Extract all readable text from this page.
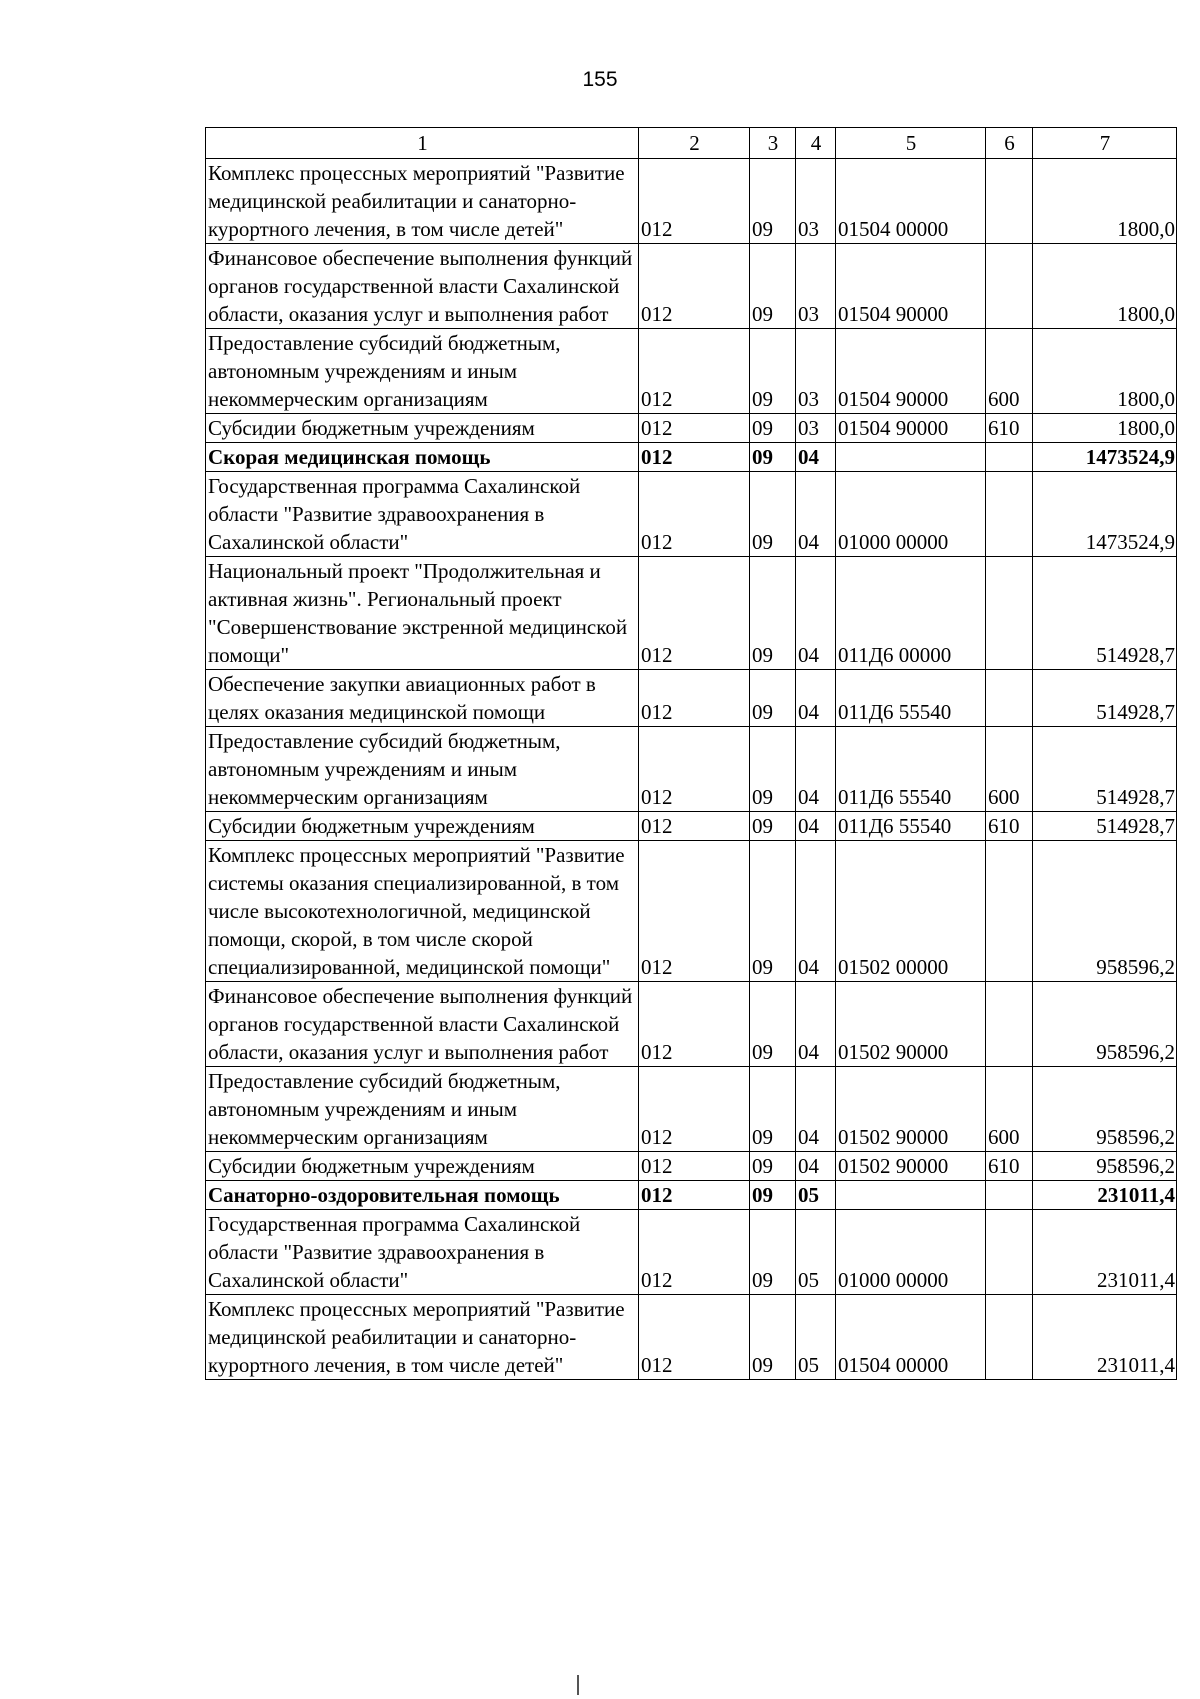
155
1	2	3	4	5	6	7
Комплекс процессных мероприятий "Развитие медицинской реабилитации и санаторно-курортного лечения, в том числе детей"	012	09	03	01504 00000		1800,0
Финансовое обеспечение выполнения функций органов государственной власти Сахалинской области, оказания услуг и выполнения работ	012	09	03	01504 90000		1800,0
Предоставление субсидий бюджетным, автономным учреждениям и иным некоммерческим организациям	012	09	03	01504 90000	600	1800,0
Субсидии бюджетным учреждениям	012	09	03	01504 90000	610	1800,0
Скорая медицинская помощь	012	09	04			1473524,9
Государственная программа Сахалинской области "Развитие здравоохранения в Сахалинской области"	012	09	04	01000 00000		1473524,9
Национальный проект "Продолжительная и активная жизнь". Региональный проект "Совершенствование экстренной медицинской помощи"	012	09	04	011Д6 00000		514928,7
Обеспечение закупки авиационных работ в целях оказания медицинской помощи	012	09	04	011Д6 55540		514928,7
Предоставление субсидий бюджетным, автономным учреждениям и иным некоммерческим организациям	012	09	04	011Д6 55540	600	514928,7
Субсидии бюджетным учреждениям	012	09	04	011Д6 55540	610	514928,7
Комплекс процессных мероприятий "Развитие системы оказания специализированной, в том числе высокотехнологичной, медицинской помощи, скорой, в том числе скорой специализированной, медицинской помощи"	012	09	04	01502 00000		958596,2
Финансовое обеспечение выполнения функций органов государственной власти Сахалинской области, оказания услуг и выполнения работ	012	09	04	01502 90000		958596,2
Предоставление субсидий бюджетным, автономным учреждениям и иным некоммерческим организациям	012	09	04	01502 90000	600	958596,2
Субсидии бюджетным учреждениям	012	09	04	01502 90000	610	958596,2
Санаторно-оздоровительная помощь	012	09	05			231011,4
Государственная программа Сахалинской области "Развитие здравоохранения в Сахалинской области"	012	09	05	01000 00000		231011,4
Комплекс процессных мероприятий "Развитие медицинской реабилитации и санаторно-курортного лечения, в том числе детей"	012	09	05	01504 00000		231011,4
